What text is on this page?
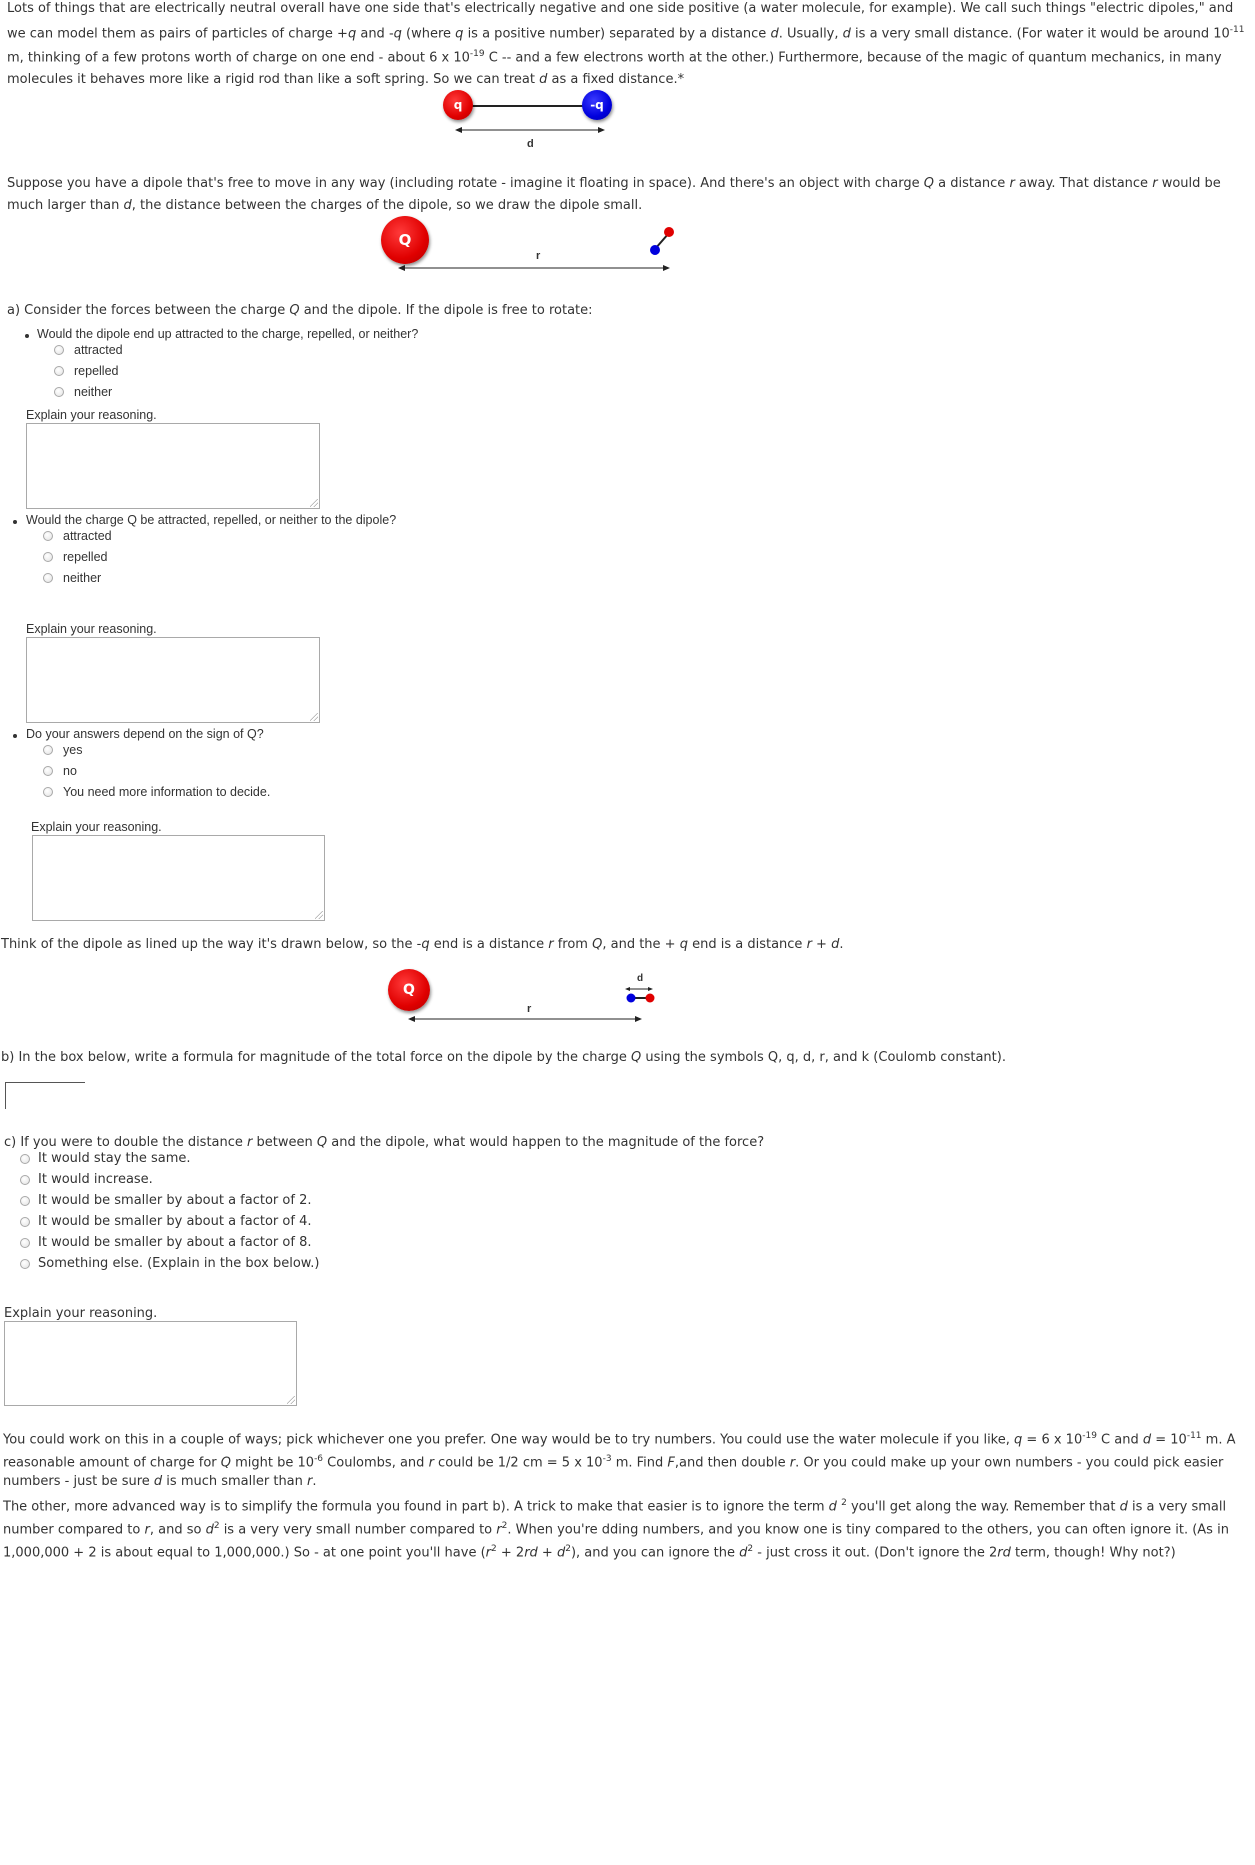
Lots of things that are electrically neutral overall have one side that's electrically negative and one side positive (a water molecule, for example). We call such things "electric dipoles," and we can model them as pairs of particles of charge +q and -q (where q is a positive number) separated by a distance d. Usually, d is a very small distance. (For water it would be around $10^{-11}$ m, thinking of a few protons worth of charge on one end - about 6 x $10^{-19}$ C -- and a few electrons worth at the other.) Furthermore, because of the magic of quantum mechanics, in many molecules it behaves more like a rigid rod than like a soft spring. So we can treat d as a fixed distance.*
q	-q
d
Suppose you have a dipole that's free to move in any way (including rotate - imagine it floating in space). And there's an object with charge Q a distance r away. That distance r would be much larger than d, the distance between the charges of the dipole, so we draw the dipole small.
Q
r
a) Consider the forces between the charge Q and the dipole. If the dipole is free to rotate:
Would the dipole end up attracted to the charge, repelled, or neither?
attracted
repelled
neither
Explain your reasoning.
Would the charge Q be attracted, repelled, or neither to the dipole?
attracted
repelled
neither
Explain your reasoning.
Do your answers depend on the sign of Q?
yes
no
You need more information to decide.
Explain your reasoning.
Think of the dipole as lined up the way it's drawn below, so the -q end is a distance r from Q, and the + q end is a distance r + d.
Q
d
r
b) In the box below, write a formula for magnitude of the total force on the dipole by the charge Q using the symbols Q, q, d, r, and k (Coulomb constant).
c) If you were to double the distance r between Q and the dipole, what would happen to the magnitude of the force?
It would stay the same.
It would increase.
It would be smaller by about a factor of 2.
It would be smaller by about a factor of 4.
It would be smaller by about a factor of 8.
Something else. (Explain in the box below.)
Explain your reasoning.
You could work on this in a couple of ways; pick whichever one you prefer. One way would be to try numbers. You could use the water molecule if you like, q = 6 x $10^{-19}$ C and $d = 10^{-11}$ m. A reasonable amount of charge for Q might be $10^{-6}$ Coulombs, and r could be 1/2 cm = 5 x $10^{-3}$ m. Find F,and then double r. Or you could make up your own numbers - you could pick easier numbers - just be sure d is much smaller than r.
The other, more advanced way is to simplify the formula you found in part b). A trick to make that easier is to ignore the term d $^2$ you'll get along the way. Remember that d is a very small number compared to r, and so $d^2$ is a very very small number compared to $r^2$. When you're dding numbers, and you know one is tiny compared to the others, you can often ignore it. (As in 1,000,000 + 2 is about equal to 1,000,000.) So - at one point you'll have $(r^2 + 2rd + d^2)$, and you can ignore the $d^2$ - just cross it out. (Don't ignore the 2rd term, though! Why not?)
